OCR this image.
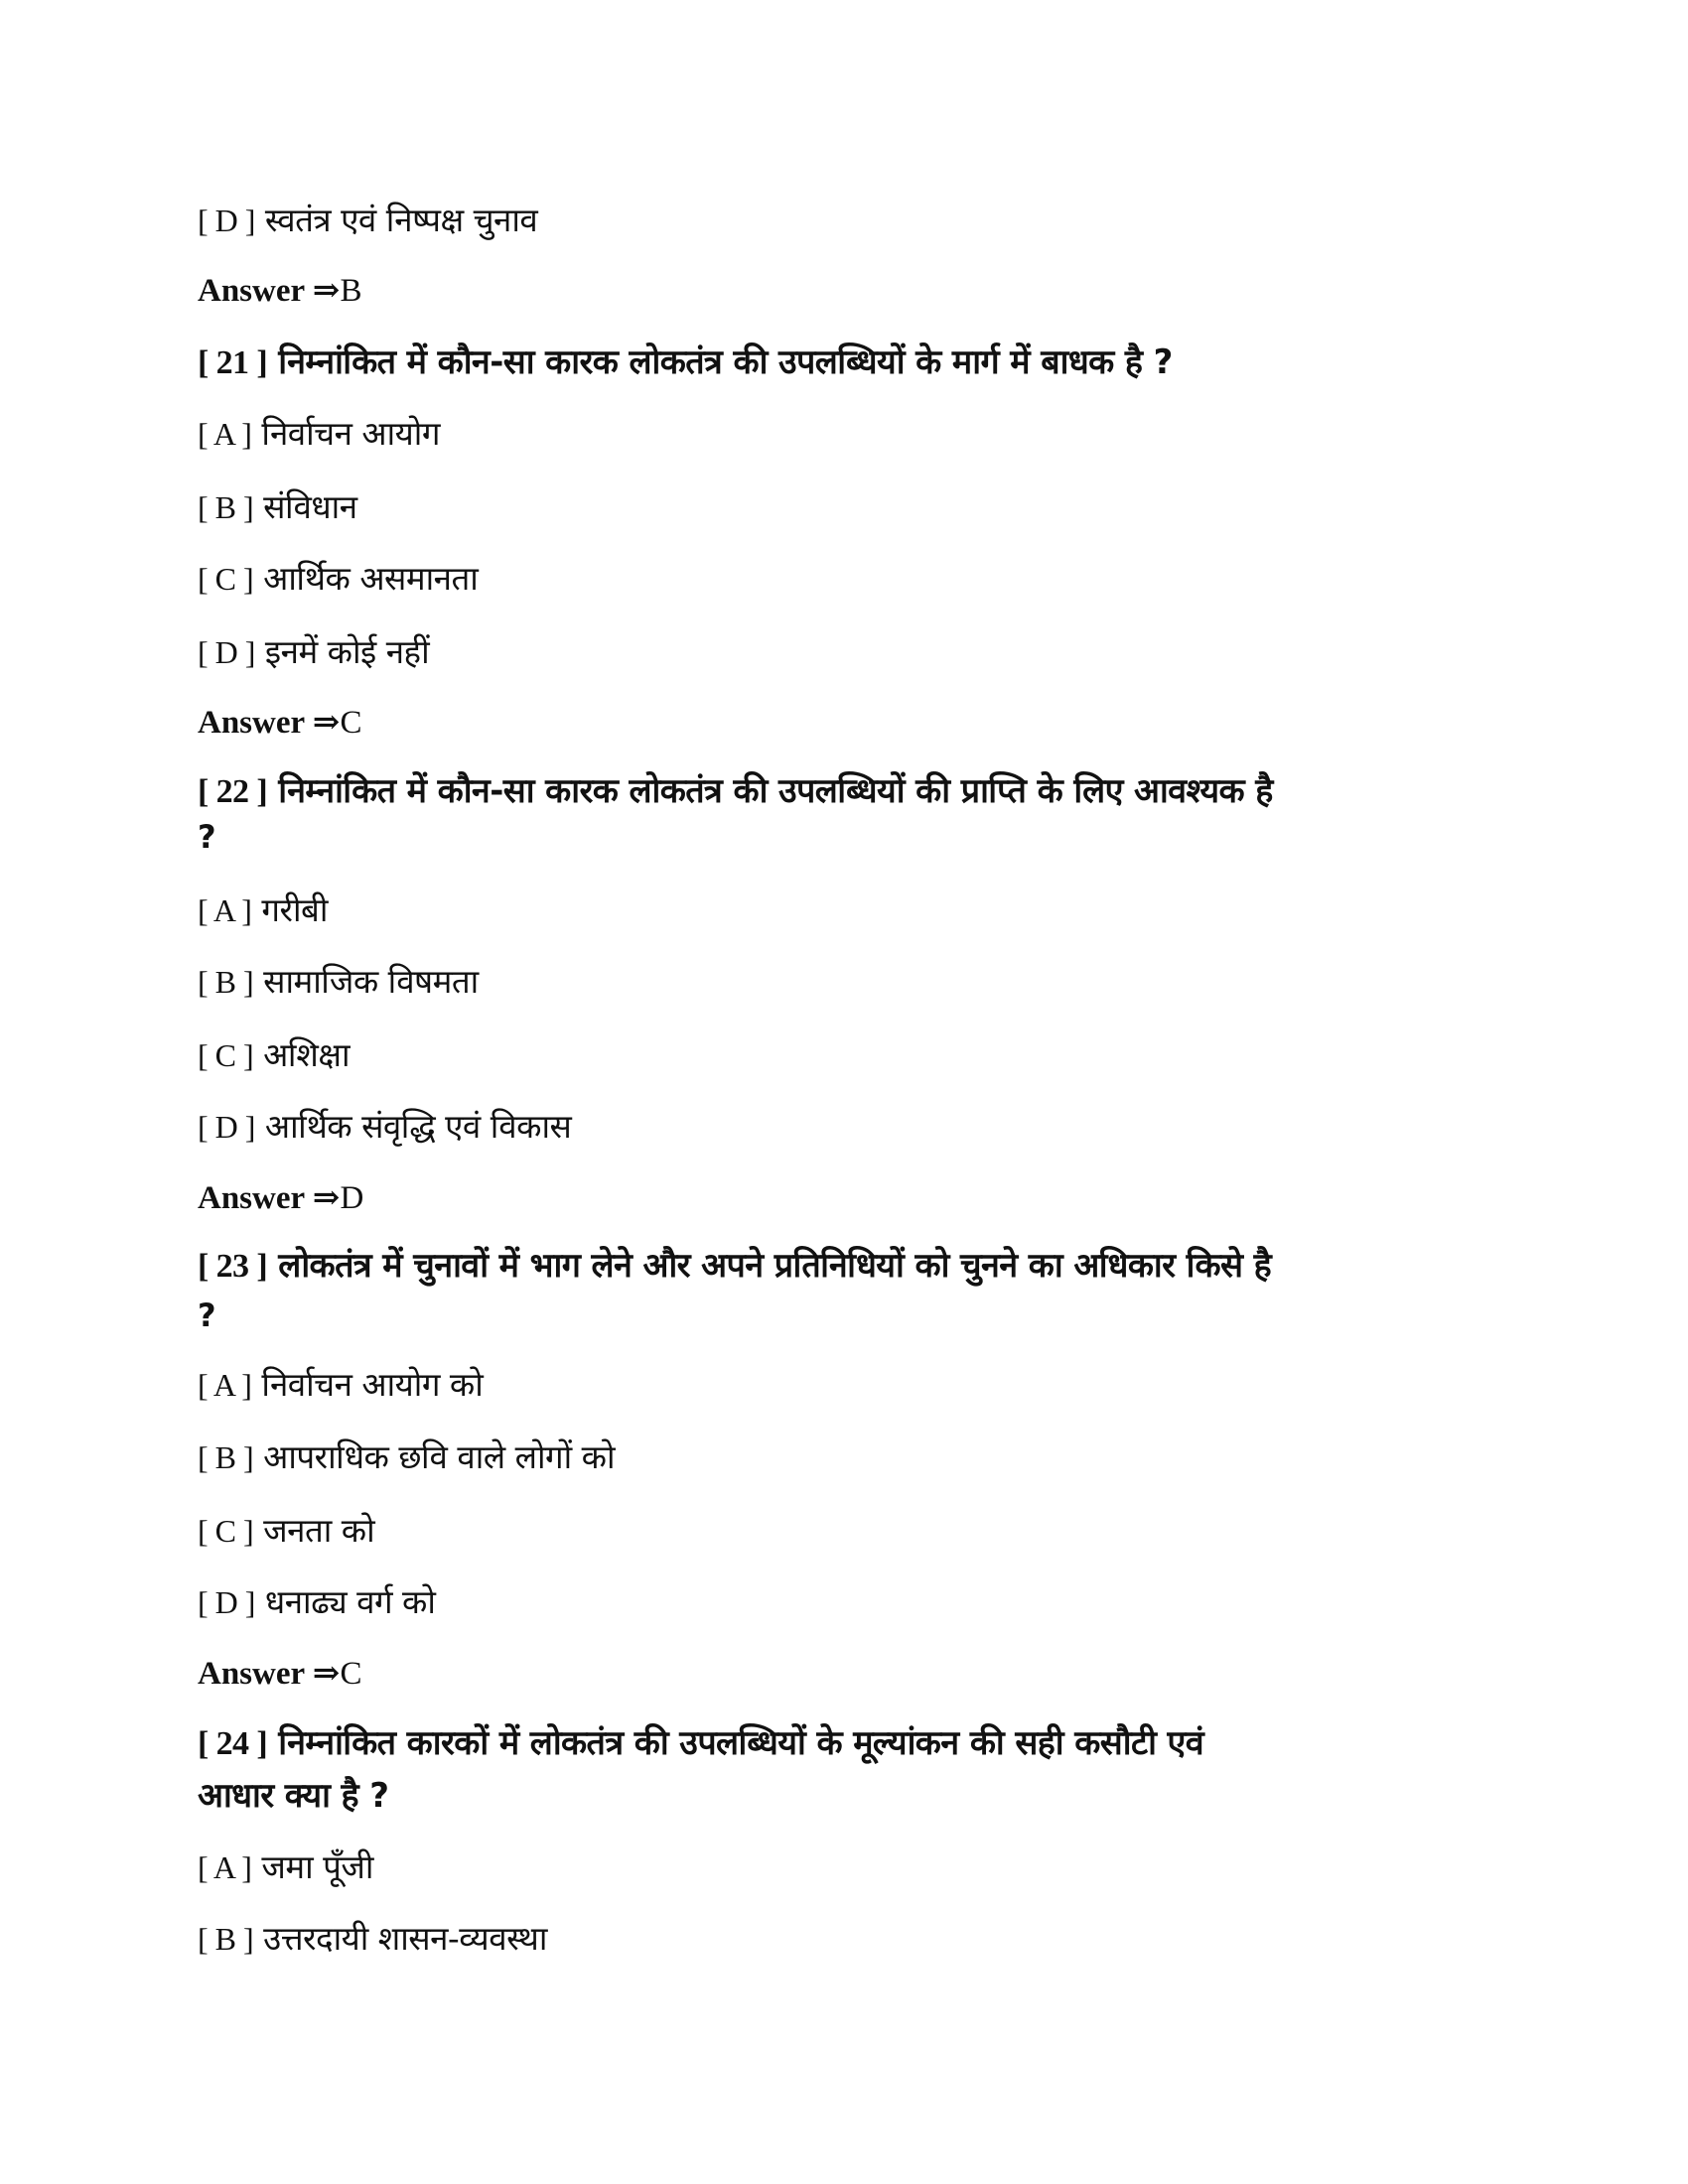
[ D ] स्वतंत्र एवं निष्पक्ष चुनाव
Answer ⇒B
[ 21 ] निम्नांकित में कौन-सा कारक लोकतंत्र की उपलब्धियों के मार्ग में बाधक है ?
[ A ] निर्वाचन आयोग
[ B ] संविधान
[ C ] आर्थिक असमानता
[ D ] इनमें कोई नहीं
Answer ⇒C
[ 22 ] निम्नांकित में कौन-सा कारक लोकतंत्र की उपलब्धियों की प्राप्ति के लिए आवश्यक है
?
[ A ] गरीबी
[ B ] सामाजिक विषमता
[ C ] अशिक्षा
[ D ] आर्थिक संवृद्धि एवं विकास
Answer ⇒D
[ 23 ] लोकतंत्र में चुनावों में भाग लेने और अपने प्रतिनिधियों को चुनने का अधिकार किसे है
?
[ A ] निर्वाचन आयोग को
[ B ] आपराधिक छवि वाले लोगों को
[ C ] जनता को
[ D ] धनाढ्य वर्ग को
Answer ⇒C
[ 24 ] निम्नांकित कारकों में लोकतंत्र की उपलब्धियों के मूल्यांकन की सही कसौटी एवं
आधार क्या है ?
[ A ] जमा पूँजी
[ B ] उत्तरदायी शासन-व्यवस्था
